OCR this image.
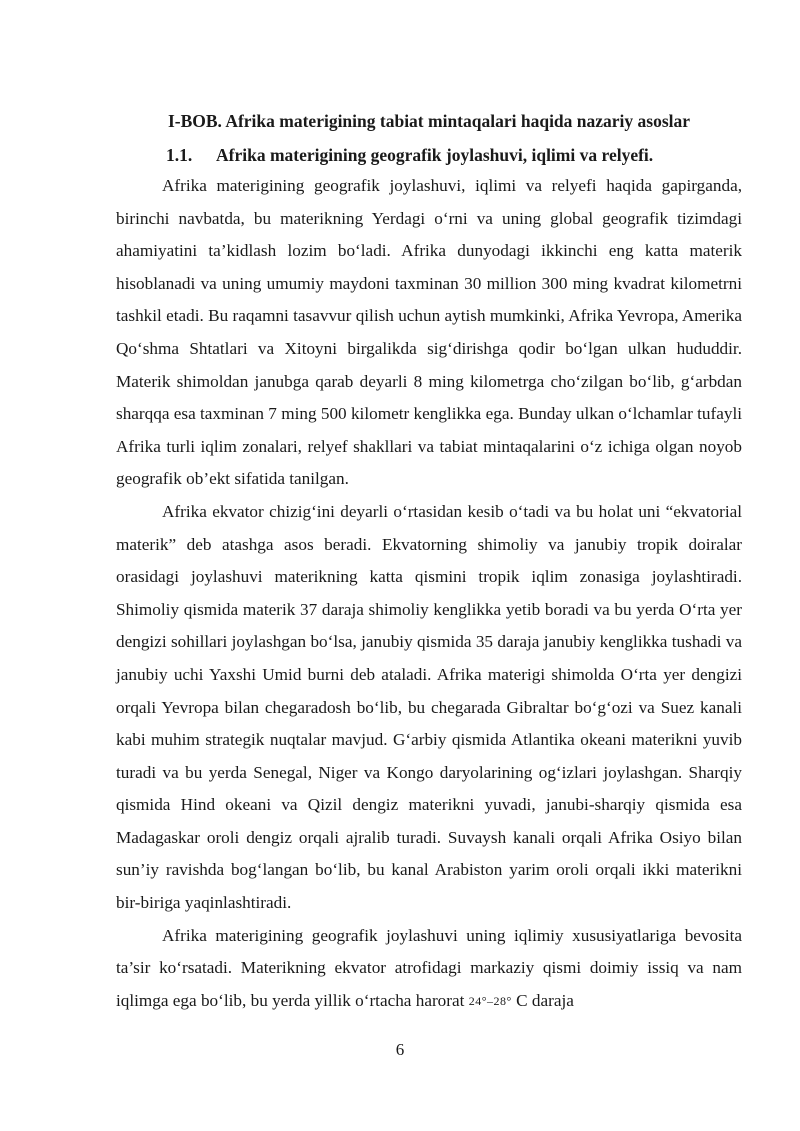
I-BOB. Afrika materigining tabiat mintaqalari haqida nazariy asoslar
1.1. Afrika materigining geografik joylashuvi, iqlimi va relyefi.

Afrika materigining geografik joylashuvi, iqlimi va relyefi haqida gapirganda, birinchi navbatda, bu materikning Yerdagi o‘rni va uning global geografik tizimdagi ahamiyatini ta’kidlash lozim bo‘ladi. Afrika dunyodagi ikkinchi eng katta materik hisoblanadi va uning umumiy maydoni taxminan 30 million 300 ming kvadrat kilometrni tashkil etadi. Bu raqamni tasavvur qilish uchun aytish mumkinki, Afrika Yevropa, Amerika Qo‘shma Shtatlari va Xitoyni birgalikda sig‘dirishga qodir bo‘lgan ulkan hududdir. Materik shimoldan janubga qarab deyarli 8 ming kilometrga cho‘zilgan bo‘lib, g‘arbdan sharqqa esa taxminan 7 ming 500 kilometr kenglikka ega. Bunday ulkan o‘lchamlar tufayli Afrika turli iqlim zonalari, relyef shakllari va tabiat mintaqalarini o‘z ichiga olgan noyob geografik ob’ekt sifatida tanilgan.

Afrika ekvator chizig‘ini deyarli o‘rtasidan kesib o‘tadi va bu holat uni “ekvatorial materik” deb atashga asos beradi. Ekvatorning shimoliy va janubiy tropik doiralar orasidagi joylashuvi materikning katta qismini tropik iqlim zonasiga joylashtiradi. Shimoliy qismida materik 37 daraja shimoliy kenglikka yetib boradi va bu yerda O‘rta yer dengizi sohillari joylashgan bo‘lsa, janubiy qismida 35 daraja janubiy kenglikka tushadi va janubiy uchi Yaxshi Umid burni deb ataladi. Afrika materigi shimolda O‘rta yer dengizi orqali Yevropa bilan chegaradosh bo‘lib, bu chegarada Gibraltar bo‘g‘ozi va Suez kanali kabi muhim strategik nuqtalar mavjud. G‘arbiy qismida Atlantika okeani materikni yuvib turadi va bu yerda Senegal, Niger va Kongo daryolarining og‘izlari joylashgan. Sharqiy qismida Hind okeani va Qizil dengiz materikni yuvadi, janubi-sharqiy qismida esa Madagaskar oroli dengiz orqali ajralib turadi. Suvaysh kanali orqali Afrika Osiyo bilan sun’iy ravishda bog‘langan bo‘lib, bu kanal Arabiston yarim oroli orqali ikki materikni bir-biriga yaqinlashtiradi.

Afrika materigining geografik joylashuvi uning iqlimiy xususiyatlariga bevosita ta’sir ko‘rsatadi. Materikning ekvator atrofidagi markaziy qismi doimiy issiq va nam iqlimga ega bo‘lib, bu yerda yillik o‘rtacha harorat 24°–28° C daraja

6
